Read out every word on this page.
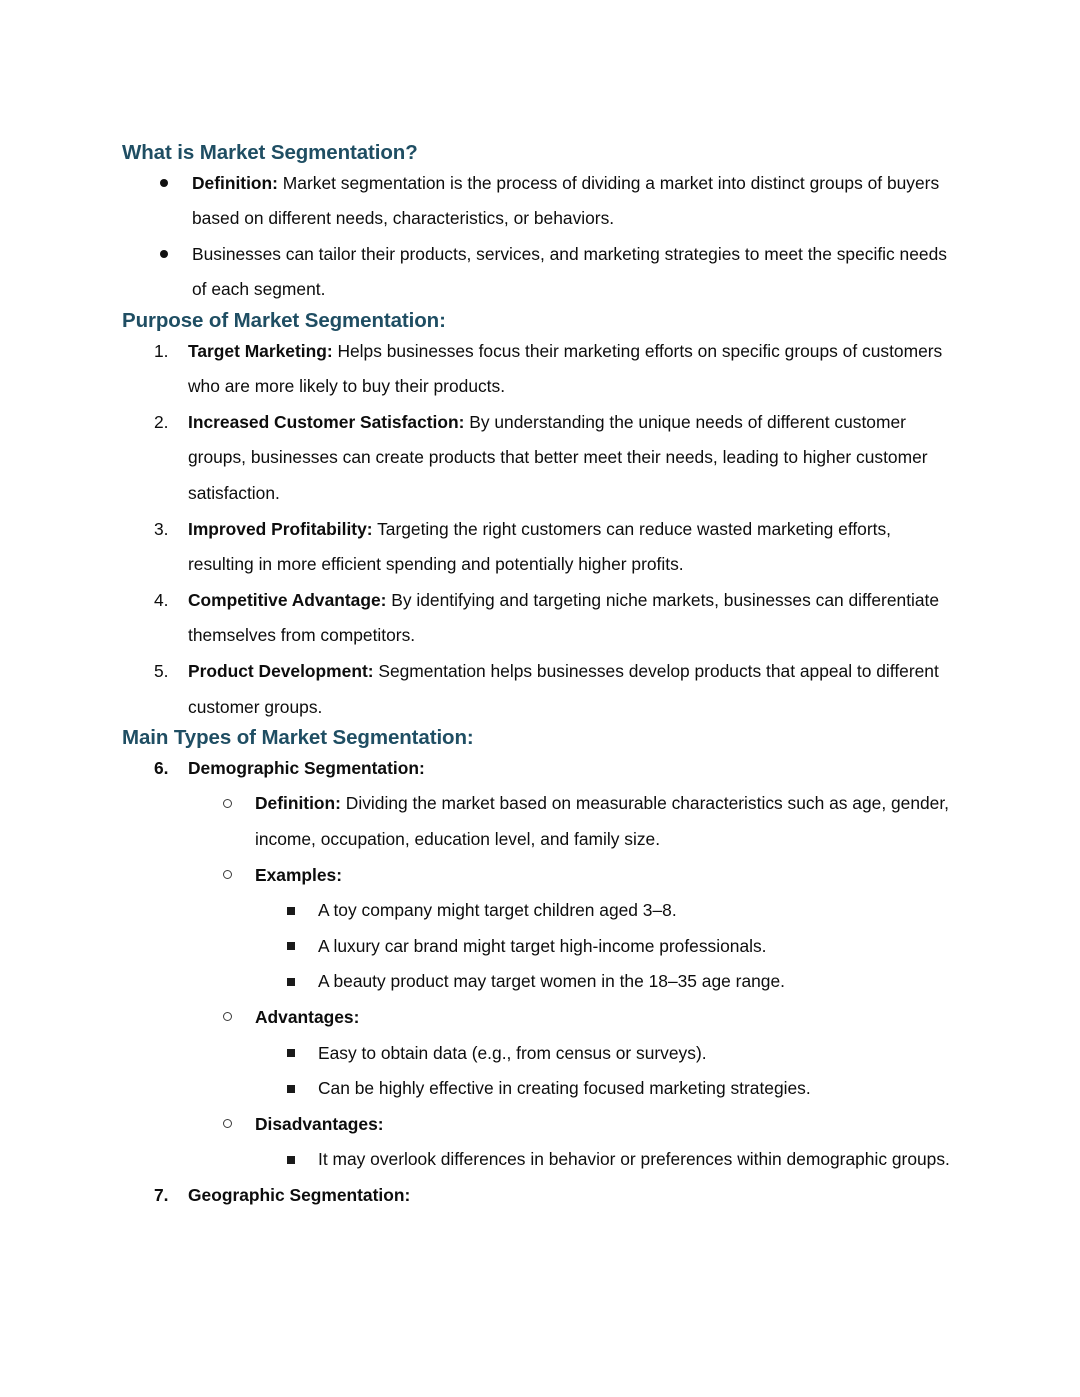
What is Market Segmentation?
Definition: Market segmentation is the process of dividing a market into distinct groups of buyers based on different needs, characteristics, or behaviors.
Businesses can tailor their products, services, and marketing strategies to meet the specific needs of each segment.
Purpose of Market Segmentation:
1.	Target Marketing: Helps businesses focus their marketing efforts on specific groups of customers who are more likely to buy their products.
2.	Increased Customer Satisfaction: By understanding the unique needs of different customer groups, businesses can create products that better meet their needs, leading to higher customer satisfaction.
3.	Improved Profitability: Targeting the right customers can reduce wasted marketing efforts, resulting in more efficient spending and potentially higher profits.
4.	Competitive Advantage: By identifying and targeting niche markets, businesses can differentiate themselves from competitors.
5.	Product Development: Segmentation helps businesses develop products that appeal to different customer groups.
Main Types of Market Segmentation:
6.	Demographic Segmentation:
Definition: Dividing the market based on measurable characteristics such as age, gender, income, occupation, education level, and family size.
Examples:
A toy company might target children aged 3–8.
A luxury car brand might target high-income professionals.
A beauty product may target women in the 18–35 age range.
Advantages:
Easy to obtain data (e.g., from census or surveys).
Can be highly effective in creating focused marketing strategies.
Disadvantages:
It may overlook differences in behavior or preferences within demographic groups.
7.	Geographic Segmentation:
